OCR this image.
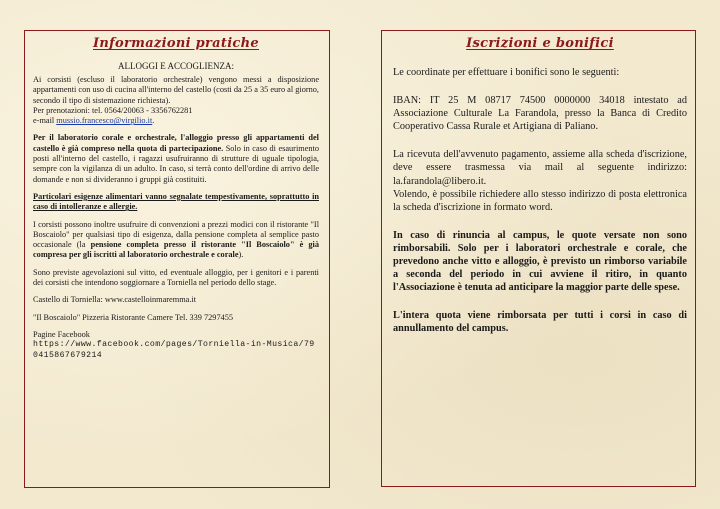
Informazioni pratiche

ALLOGGI E ACCOGLIENZA:

Ai corsisti (escluso il laboratorio orchestrale) vengono messi a disposizione appartamenti con uso di cucina all'interno del castello (costi da 25 a 35 euro al giorno, secondo il tipo di sistemazione richiesta).

Per prenotazioni: tel. 0564/20063 - 3356762281

e-mail mussio.francesco@virgilio.it.

Per il laboratorio corale e orchestrale, l'alloggio presso gli appartamenti del castello è già compreso nella quota di partecipazione. Solo in caso di esaurimento posti all'interno del castello, i ragazzi usufruiranno di strutture di uguale tipologia, sempre con la vigilanza di un adulto. In caso, si terrà conto dell'ordine di arrivo delle domande e non si divideranno i gruppi già costituiti.

Particolari esigenze alimentari vanno segnalate tempestivamente, soprattutto in caso di intolleranze e allergie.

I corsisti possono inoltre usufruire di convenzioni a prezzi modici con il ristorante "Il Boscaiolo" per qualsiasi tipo di esigenza, dalla pensione completa al semplice pasto occasionale (la pensione completa presso il ristorante "Il Boscaiolo" è già compresa per gli iscritti al laboratorio orchestrale e corale).

Sono previste agevolazioni sul vitto, ed eventuale alloggio, per i genitori e i parenti dei corsisti che intendono soggiornare a Torniella nel periodo dello stage.

Castello di Torniella: www.castelloinmaremma.it

"Il Boscaiolo" Pizzeria Ristorante Camere Tel. 339 7297455

Pagine Facebook

https://www.facebook.com/pages/Torniella-in-Musica/790415867679214

Iscrizioni e bonifici

Le coordinate per effettuare i bonifici sono le seguenti:

IBAN: IT 25 M 08717 74500 0000000 34018 intestato ad Associazione Culturale La Farandola, presso la Banca di Credito Cooperativo Cassa Rurale et Artigiana di Paliano.

La ricevuta dell'avvenuto pagamento, assieme alla scheda d'iscrizione, deve essere trasmessa via mail al seguente indirizzo: la.farandola@libero.it.

Volendo, è possibile richiedere allo stesso indirizzo di posta elettronica la scheda d'iscrizione in formato word.

In caso di rinuncia al campus, le quote versate non sono rimborsabili. Solo per i laboratori orchestrale e corale, che prevedono anche vitto e alloggio, è previsto un rimborso variabile a seconda del periodo in cui avviene il ritiro, in quanto l'Associazione è tenuta ad anticipare la maggior parte delle spese.

L'intera quota viene rimborsata per tutti i corsi in caso di annullamento del campus.
